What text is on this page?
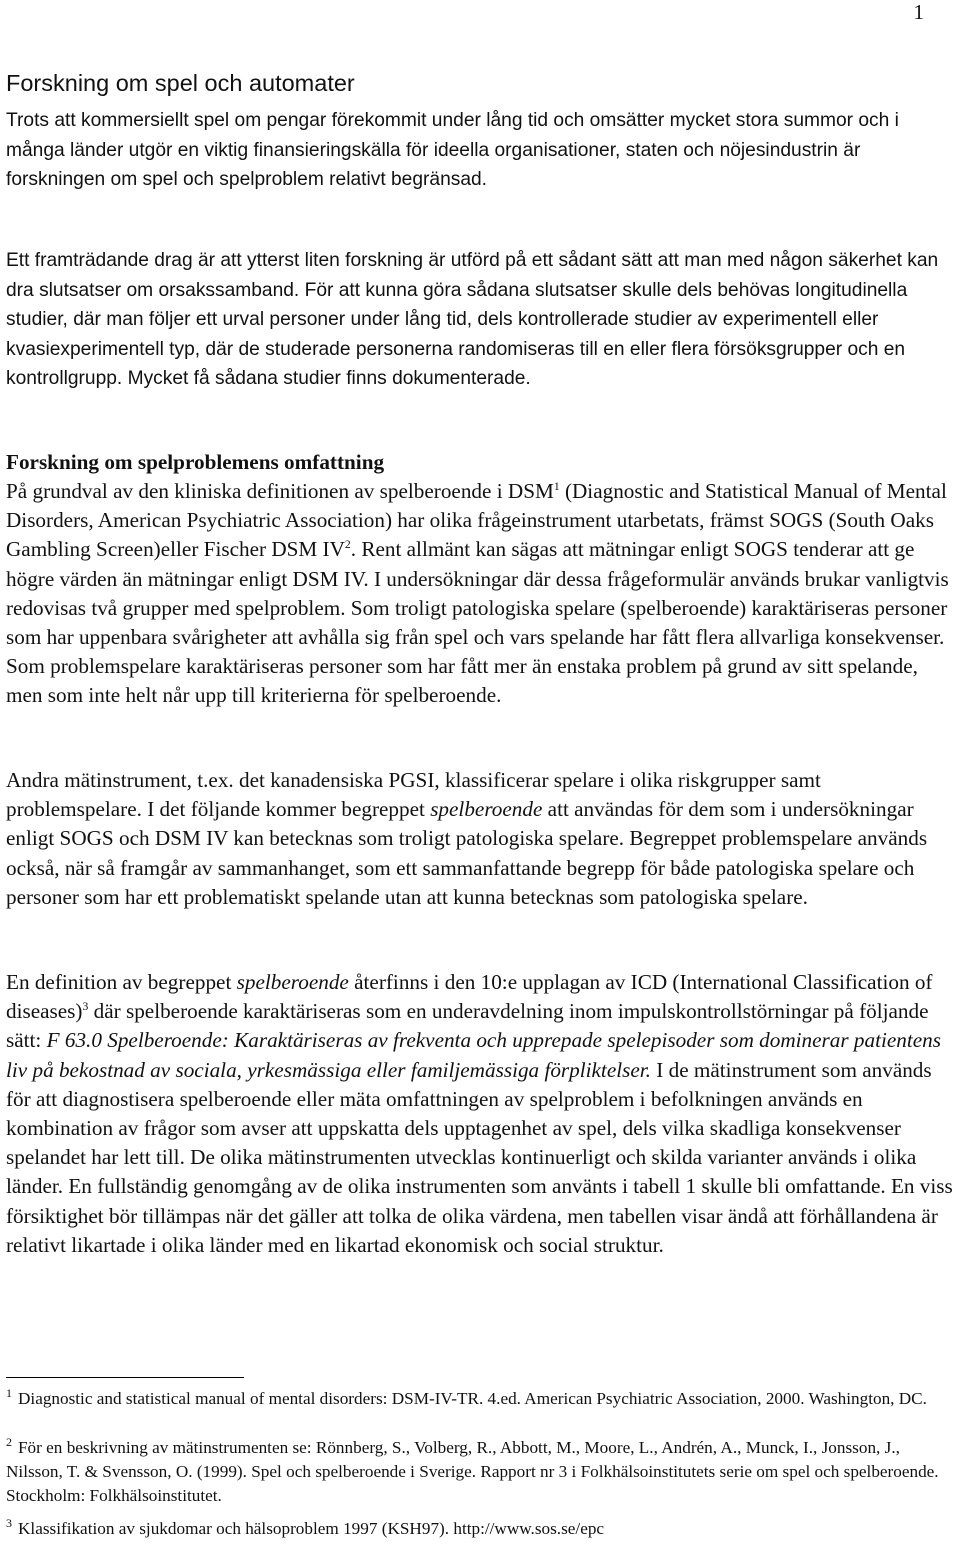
1
Forskning om spel och automater

Trots att kommersiellt spel om pengar förekommit under lång tid och omsätter mycket stora summor och i många länder utgör en viktig finansieringskälla för ideella organisationer, staten och nöjesindustrin är forskningen om spel och spelproblem relativt begränsad.

Ett framträdande drag är att ytterst liten forskning är utförd på ett sådant sätt att man med någon säkerhet kan dra slutsatser om orsakssamband. För att kunna göra sådana slutsatser skulle dels behövas longitudinella studier, där man följer ett urval personer under lång tid, dels kontrollerade studier av experimentell eller kvasiexperimentell typ, där de studerade personerna randomiseras till en eller flera försöksgrupper och en kontrollgrupp. Mycket få sådana studier finns dokumenterade.

Forskning om spelproblemens omfattning

På grundval av den kliniska definitionen av spelberoende i DSM$^1$ (Diagnostic and Statistical Manual of Mental Disorders, American Psychiatric Association) har olika frågeinstrument utarbetats, främst SOGS (South Oaks Gambling Screen)eller Fischer DSM $IV^2$. Rent allmänt kan sägas att mätningar enligt SOGS tenderar att ge högre värden än mätningar enligt DSM IV. I undersökningar där dessa frågeformulär används brukar vanligtvis redovisas två grupper med spelproblem. Som troligt patologiska spelare (spelberoende) karaktäriseras personer som har uppenbara svårigheter att avhålla sig från spel och vars spelande har fått flera allvarliga konsekvenser. Som problemspelare karaktäriseras personer som har fått mer än enstaka problem på grund av sitt spelande, men som inte helt når upp till kriterierna för spelberoende.

Andra mätinstrument, t.ex. det kanadensiska PGSI, klassificerar spelare i olika riskgrupper samt problemspelare. I det följande kommer begreppet spelberoende att användas för dem som i undersökningar enligt SOGS och DSM IV kan betecknas som troligt patologiska spelare. Begreppet problemspelare används också, när så framgår av sammanhanget, som ett sammanfattande begrepp för både patologiska spelare och personer som har ett problematiskt spelande utan att kunna betecknas som patologiska spelare.

En definition av begreppet spelberoende återfinns i den 10:e upplagan av ICD (International Classification of diseases)$^3$ där spelberoende karaktäriseras som en underavdelning inom impulskontrollstörningar på följande sätt: F 63.0 Spelberoende: Karaktäriseras av frekventa och upprepade spelepisoder som dominerar patientens liv på bekostnad av sociala, yrkesmässiga eller familjemässiga förpliktelser. I de mätinstrument som används för att diagnostisera spelberoende eller mäta omfattningen av spelproblem i befolkningen används en kombination av frågor som avser att uppskatta dels upptagenhet av spel, dels vilka skadliga konsekvenser spelandet har lett till. De olika mätinstrumenten utvecklas kontinuerligt och skilda varianter används i olika länder. En fullständig genomgång av de olika instrumenten som använts i tabell 1 skulle bli omfattande. En viss försiktighet bör tillämpas när det gäller att tolka de olika värdena, men tabellen visar ändå att förhållandena är relativt likartade i olika länder med en likartad ekonomisk och social struktur.

$^1$ Diagnostic and statistical manual of mental disorders: DSM-IV-TR. 4.ed. American Psychiatric Association, 2000. Washington, DC.

$^2$ För en beskrivning av mätinstrumenten se: Rönnberg, S., Volberg, R., Abbott, M., Moore, L., Andrén, A., Munck, I., Jonsson, J., Nilsson, T. & Svensson, O. (1999). Spel och spelberoende i Sverige. Rapport nr 3 i Folkhälsoinstitutets serie om spel och spelberoende. Stockholm: Folkhälsoinstitutet.

$^3$ Klassifikation av sjukdomar och hälsoproblem 1997 (KSH97). http://www.sos.se/epc
